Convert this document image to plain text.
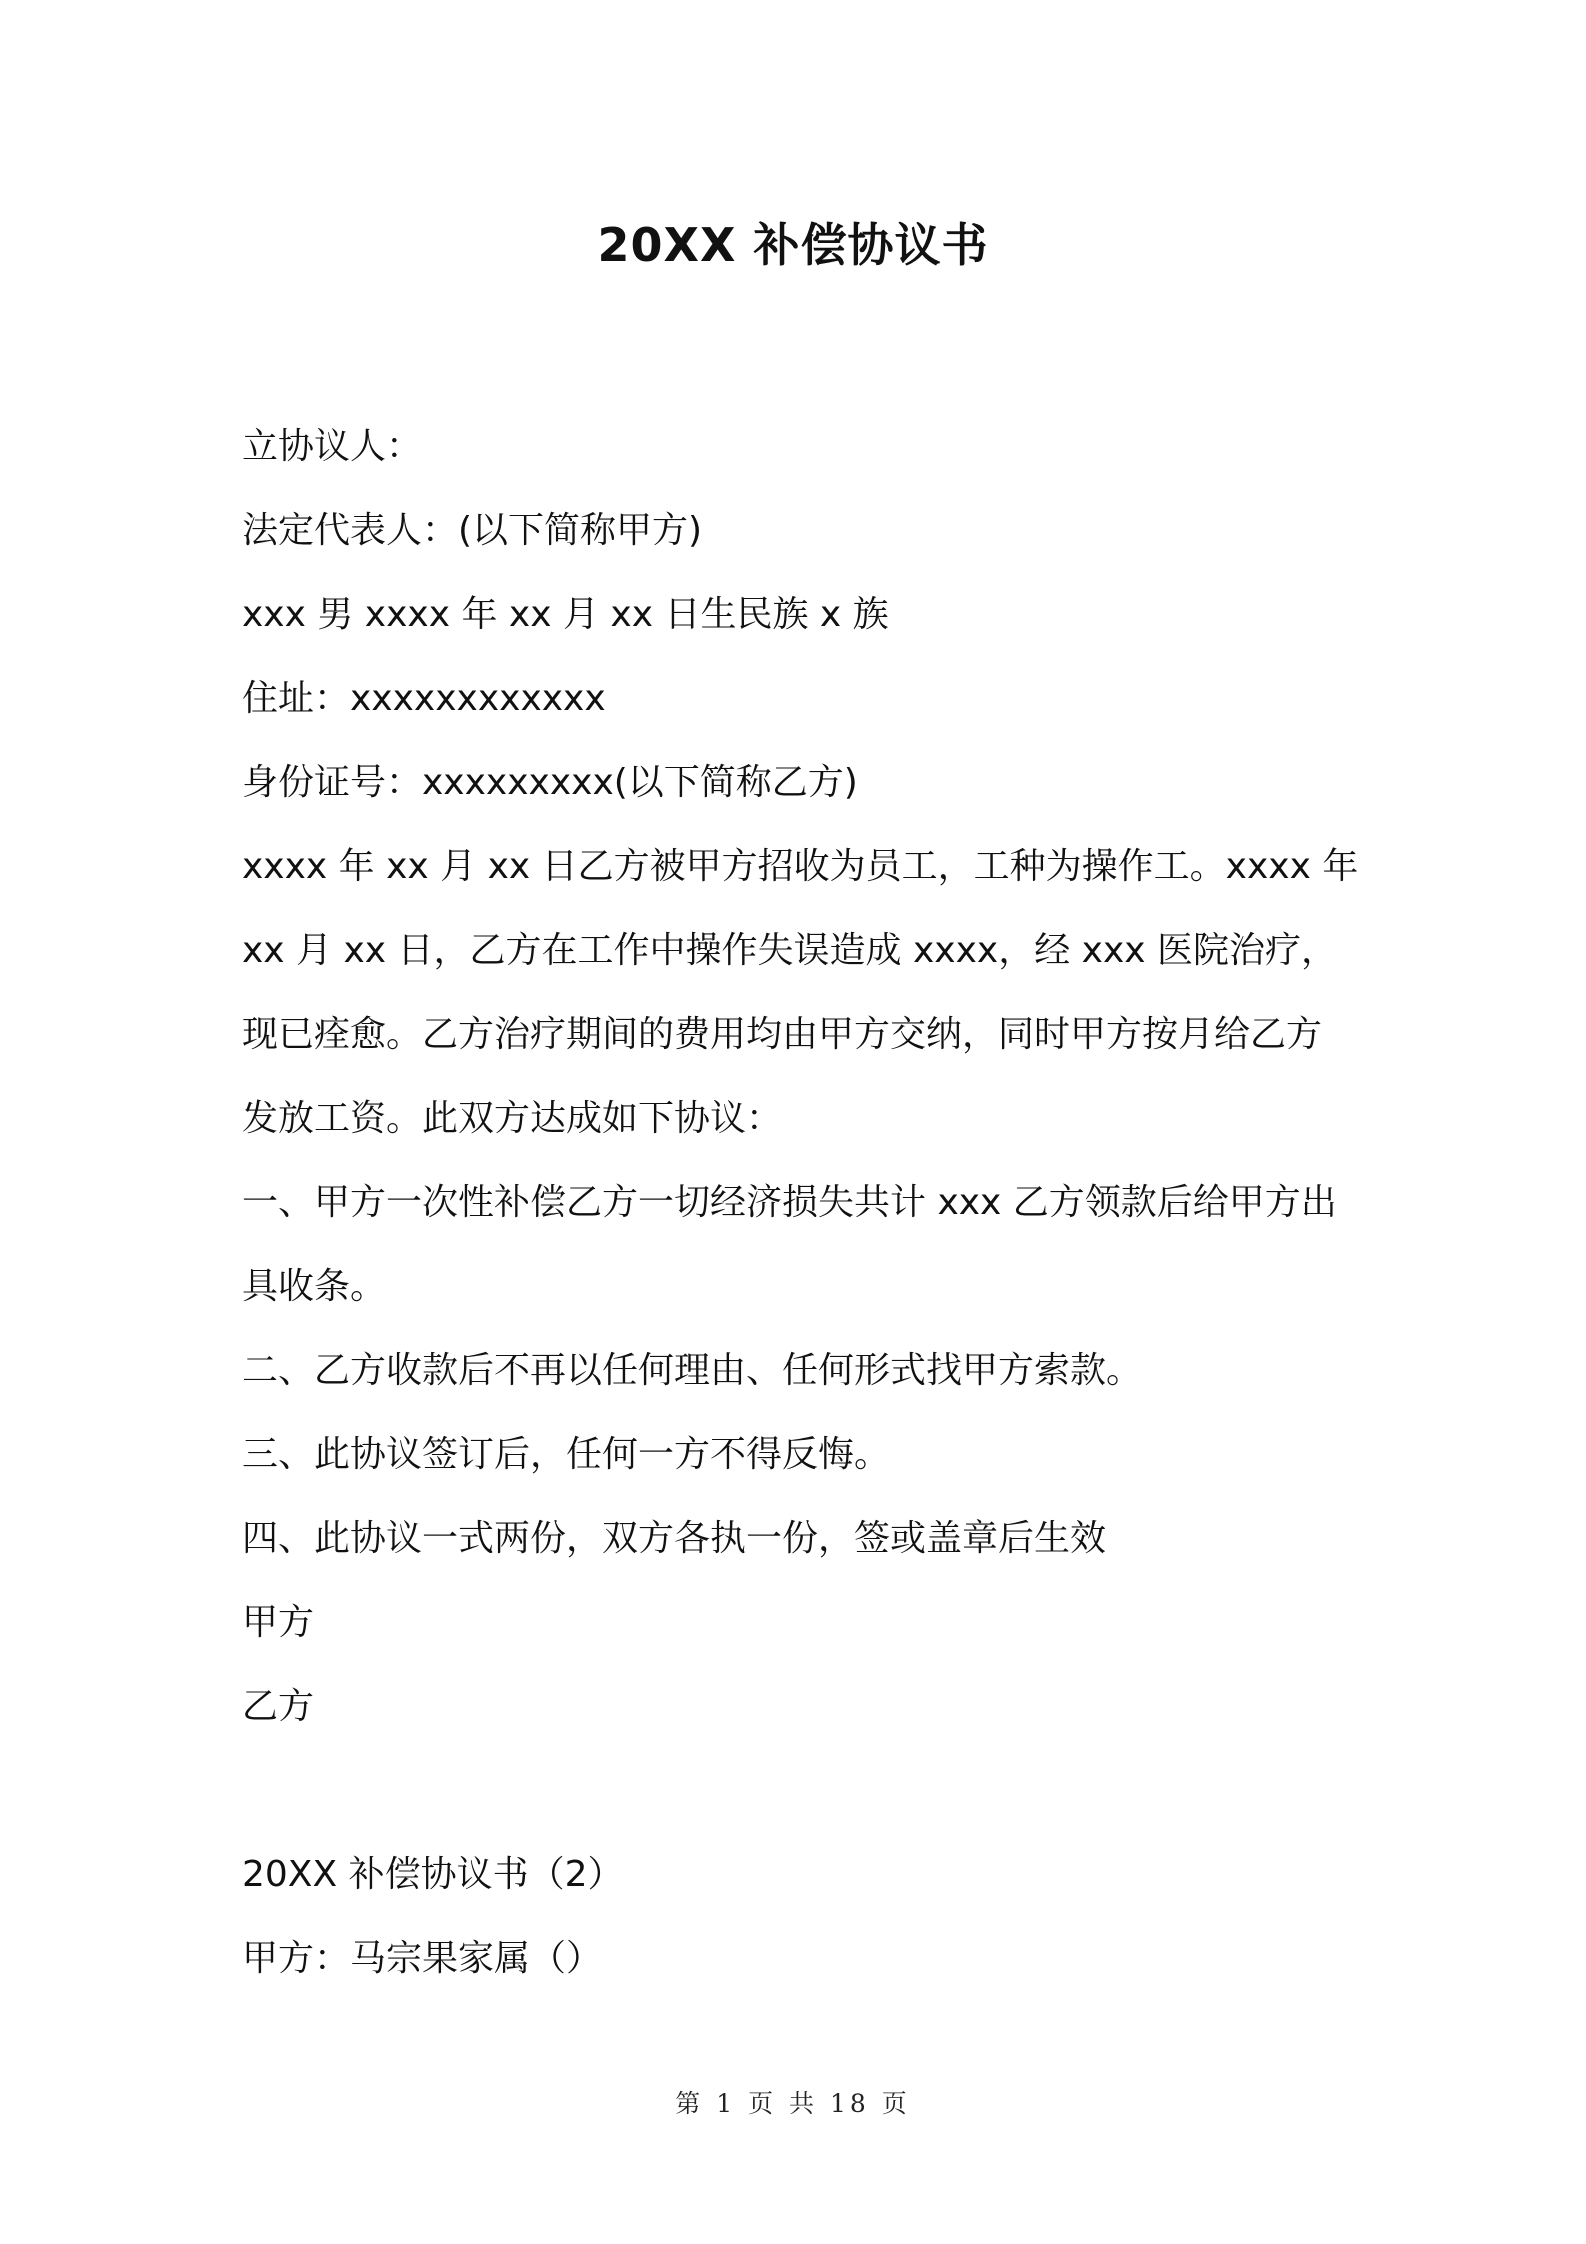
20XX 补偿协议书
立协议人：
法定代表人：(以下简称甲方)
xxx 男 xxxx 年 xx 月 xx 日生民族 x 族
住址：xxxxxxxxxxxx
身份证号：xxxxxxxxx(以下简称乙方)
xxxx 年 xx 月 xx 日乙方被甲方招收为员工，工种为操作工。xxxx 年
xx 月 xx 日，乙方在工作中操作失误造成 xxxx，经 xxx 医院治疗，
现已痊愈。乙方治疗期间的费用均由甲方交纳，同时甲方按月给乙方
发放工资。此双方达成如下协议：
一、甲方一次性补偿乙方一切经济损失共计 xxx 乙方领款后给甲方出
具收条。
二、乙方收款后不再以任何理由、任何形式找甲方索款。
三、此协议签订后，任何一方不得反悔。
四、此协议一式两份，双方各执一份，签或盖章后生效
甲方
乙方
20XX 补偿协议书（2）
甲方：马宗果家属（）
第 1 页 共 18 页
